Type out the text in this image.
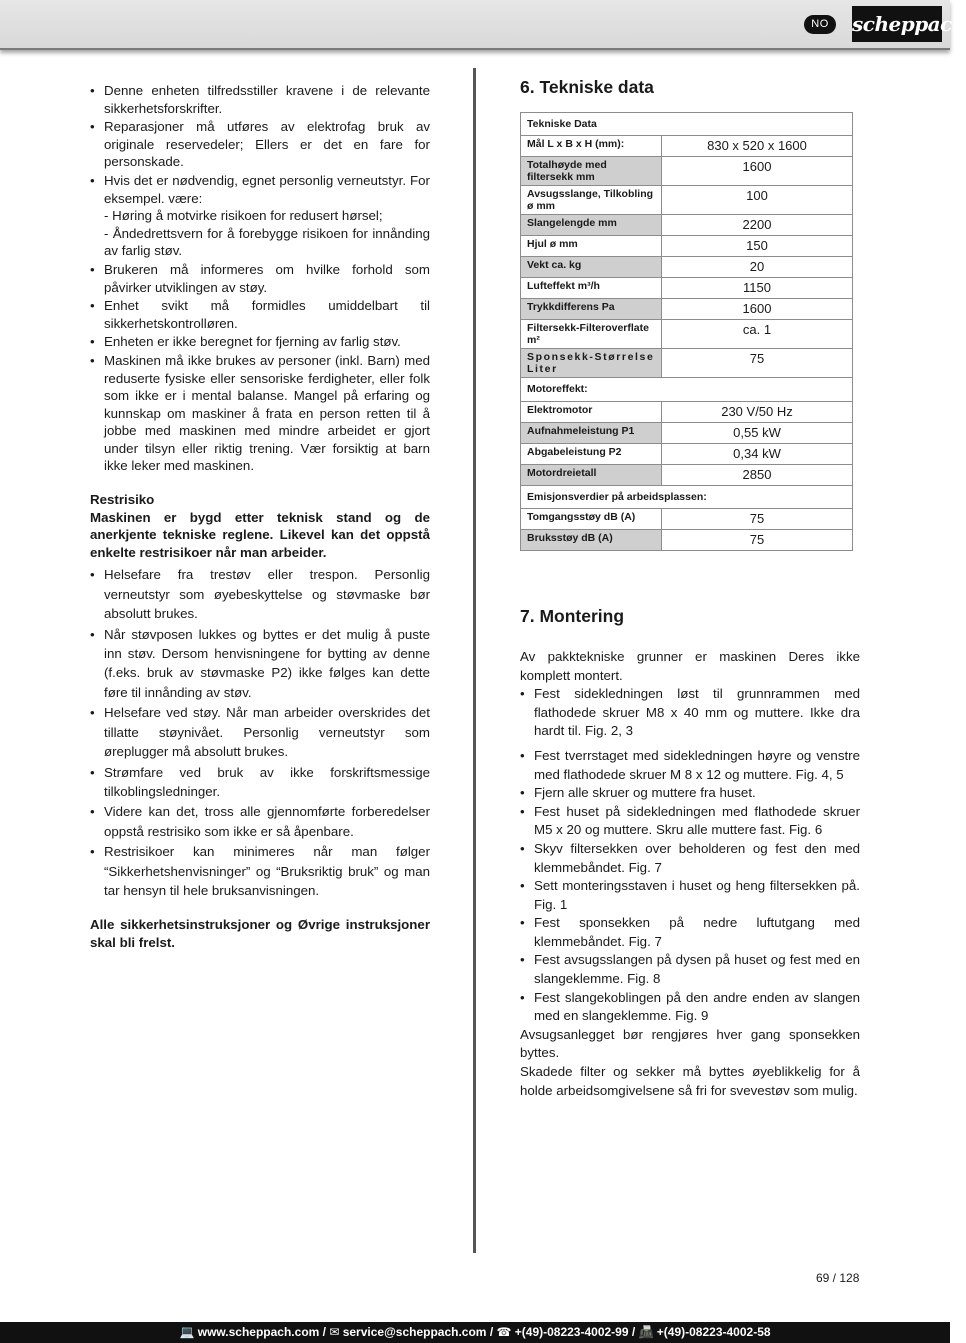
NO	scheppach
• Denne enheten tilfredsstiller kravene i de relevante sikkerhetsforskrifter.
• Reparasjoner må utføres av elektrofag bruk av originale reservedeler; Ellers er det en fare for personskade.
• Hvis det er nødvendig, egnet personlig verneutstyr. For eksempel. være:
- Høring å motvirke risikoen for redusert hørsel;
- Åndedrettsvern for å forebygge risikoen for innånding av farlig støv.
• Brukeren må informeres om hvilke forhold som påvirker utviklingen av støy.
• Enhet svikt må formidles umiddelbart til sikkerhetskontrolløren.
• Enheten er ikke beregnet for fjerning av farlig støv.
• Maskinen må ikke brukes av personer (inkl. Barn) med reduserte fysiske eller sensoriske ferdigheter, eller folk som ikke er i mental balanse. Mangel på erfaring og kunnskap om maskiner å frata en person retten til å jobbe med maskinen med mindre arbeidet er gjort under tilsyn eller riktig trening. Vær forsiktig at barn ikke leker med maskinen.
Restrisiko
Maskinen er bygd etter teknisk stand og de anerkjente tekniske reglene. Likevel kan det oppstå enkelte restrisikoer når man arbeider.
• Helsefare fra trestøv eller trespon. Personlig verneutstyr som øyebeskyttelse og støvmaske bør absolutt brukes.
• Når støvposen lukkes og byttes er det mulig å puste inn støv. Dersom henvisningene for bytting av denne (f.eks. bruk av støvmaske P2) ikke følges kan dette føre til innånding av støv.
• Helsefare ved støy. Når man arbeider overskrides det tillatte støynivået. Personlig verneutstyr som øreplugger må absolutt brukes.
• Strømfare ved bruk av ikke forskriftsmessige tilkoblingsledninger.
• Videre kan det, tross alle gjennomførte forberedelser oppstå restrisiko som ikke er så åpenbare.
• Restrisikoer kan minimeres når man følger “Sikkerhetshenvisninger” og “Bruksriktig bruk” og man tar hensyn til hele bruksanvisningen.
Alle sikkerhetsinstruksjoner og Øvrige instruksjoner skal bli frelst.
6. Tekniske data
Tekniske Data	
Mål L x B x H (mm):	830 x 520 x 1600
Totalhøyde med filtersekk mm	1600
Avsugsslange, Tilkobling ø mm	100
Slangelengde mm	2200
Hjul ø mm	150
Vekt ca. kg	20
Lufteffekt m³/h	1150
Trykkdifferens Pa	1600
Filtersekk-Filteroverflate m²	ca. 1
Sponsekk-Størrelse Liter	75
Motoreffekt:	
Elektromotor	230 V/50 Hz
Aufnahmeleistung P1	0,55 kW
Abgabeleistung P2	0,34 kW
Motordreietall	2850
Emisjonsverdier på arbeidsplassen:	
Tomgangsstøy dB (A)	75
Bruksstøy dB (A)	75
7. Montering
Av pakktekniske grunner er maskinen Deres ikke komplett montert.
• Fest sidekledningen løst til grunnrammen med flathodede skruer M8 x 40 mm og muttere. Ikke dra hardt til. Fig. 2, 3
• Fest tverrstaget med sidekledningen høyre og venstre med flathodede skruer M 8 x 12 og muttere. Fig. 4, 5
• Fjern alle skruer og muttere fra huset.
• Fest huset på sidekledningen med flathodede skruer M5 x 20 og muttere. Skru alle muttere fast. Fig. 6
• Skyv filtersekken over beholderen og fest den med klemmebåndet. Fig. 7
• Sett monteringsstaven i huset og heng filtersekken på. Fig. 1
• Fest sponsekken på nedre luftutgang med klemmebåndet. Fig. 7
• Fest avsugsslangen på dysen på huset og fest med en slangeklemme. Fig. 8
• Fest slangekoblingen på den andre enden av slangen med en slangeklemme. Fig. 9
Avsugsanlegget bør rengjøres hver gang sponsekken byttes.
Skadede filter og sekker må byttes øyeblikkelig for å holde arbeidsomgivelsene så fri for svevestøv som mulig.
69 / 128
💻 www.scheppach.com / ✉ service@scheppach.com / ☎ +(49)-08223-4002-99 / 📠 +(49)-08223-4002-58
